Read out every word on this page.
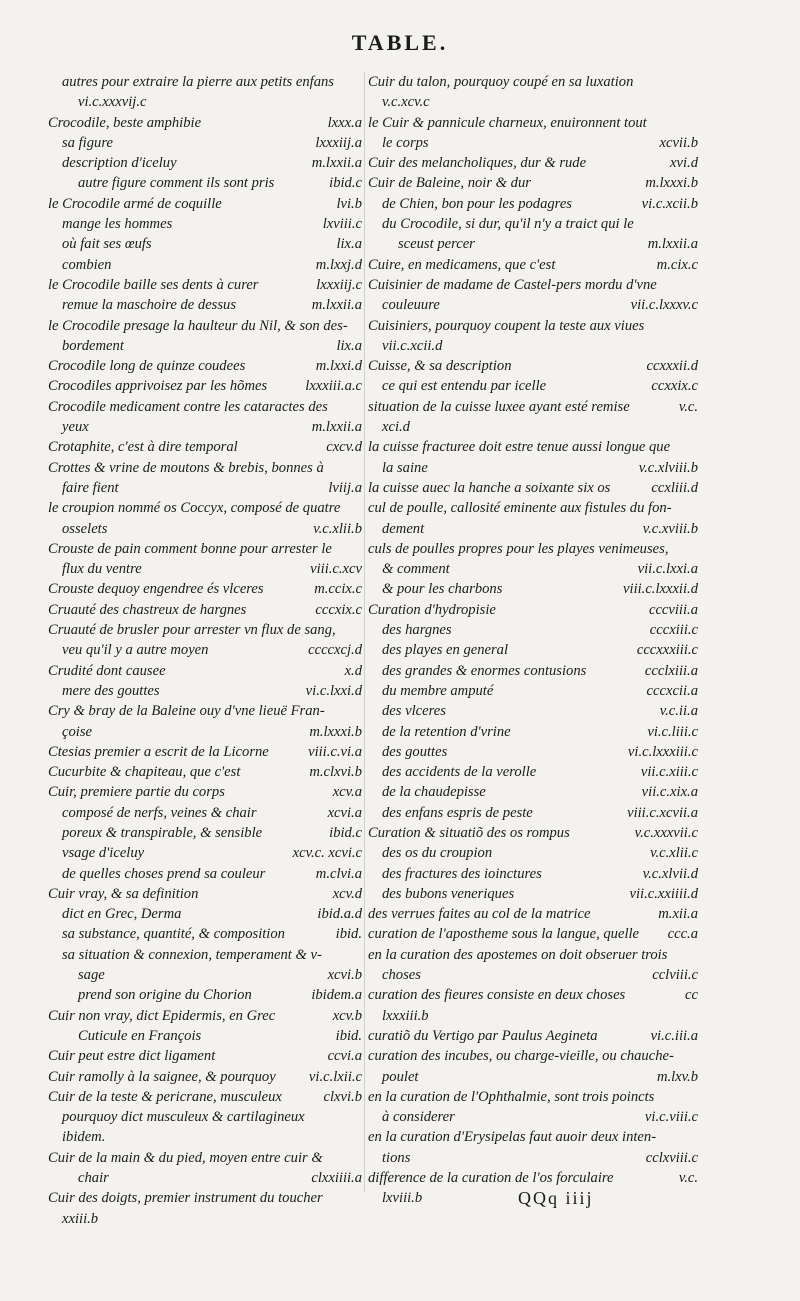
TABLE.
autres pour extraire la pierre aux petits enfans
vi.c.xxxvij.c
Crocodile, beste amphibie	lxxx.a
sa figure	lxxxiij.a
description d'iceluy	m.lxxii.a
autre figure comment ils sont pris	ibid.c
le Crocodile armé de coquille	lvi.b
mange les hommes	lxviii.c
où fait ses œufs	lix.a
combien	m.lxxj.d
le Crocodile baille ses dents à curer	lxxxiij.c
remue la maschoire de dessus	m.lxxii.a
le Crocodile presage la haulteur du Nil, & son des-
bordement	lix.a
Crocodile long de quinze coudees	m.lxxi.d
Crocodiles apprivoisez par les hõmes	lxxxiii.a.c
Crocodile medicament contre les cataractes des
yeux	m.lxxii.a
Crotaphite, c'est à dire temporal	cxcv.d
Crottes & vrine de moutons & brebis, bonnes à
faire fient	lviij.a
le croupion nommé os Coccyx, composé de quatre
osselets	v.c.xlii.b
Crouste de pain comment bonne pour arrester le
flux du ventre	viii.c.xcv
Crouste dequoy engendree és vlceres	m.ccix.c
Cruauté des chastreux de hargnes	cccxix.c
Cruauté de brusler pour arrester vn flux de sang,
veu qu'il y a autre moyen	ccccxcj.d
Crudité dont causee	x.d
mere des gouttes	vi.c.lxxi.d
Cry & bray de la Baleine ouy d'vne lieuë Fran-
çoise	m.lxxxi.b
Ctesias premier a escrit de la Licorne	viii.c.vi.a
Cucurbite & chapiteau, que c'est	m.clxvi.b
Cuir, premiere partie du corps	xcv.a
composé de nerfs, veines & chair	xcvi.a
poreux & transpirable, & sensible	ibid.c
vsage d'iceluy	xcv.c. xcvi.c
de quelles choses prend sa couleur	m.clvi.a
Cuir vray, & sa definition	xcv.d
dict en Grec, Derma	ibid.a.d
sa substance, quantité, & composition	ibid.
sa situation & connexion, temperament & v-
sage	xcvi.b
prend son origine du Chorion	ibidem.a
Cuir non vray, dict Epidermis, en Grec	xcv.b
Cuticule en François	ibid.
Cuir peut estre dict ligament	ccvi.a
Cuir ramolly à la saignee, & pourquoy vi.c.lxii.c
Cuir de la teste & pericrane, musculeux	clxvi.b
pourquoy dict musculeux & cartilagineux
ibidem.
Cuir de la main & du pied, moyen entre cuir &
chair	clxxiiii.a
Cuir des doigts, premier instrument du toucher
xxiii.b
Cuir du talon, pourquoy coupé en sa luxation
v.c.xcv.c
le Cuir & pannicule charneux, enuironnent tout
le corps	xcvii.b
Cuir des melancholiques, dur & rude	xvi.d
Cuir de Baleine, noir & dur	m.lxxxi.b
de Chien, bon pour les podagres	vi.c.xcii.b
du Crocodile, si dur, qu'il n'y a traict qui le
sceust percer	m.lxxii.a
Cuire, en medicamens, que c'est	m.cix.c
Cuisinier de madame de Castel-pers mordu d'vne
couleuure	vii.c.lxxxv.c
Cuisiniers, pourquoy coupent la teste aux viues
vii.c.xcii.d
Cuisse, & sa description	ccxxxii.d
ce qui est entendu par icelle	ccxxix.c
situation de la cuisse luxee ayant esté remise	v.c.
xci.d
la cuisse fracturee doit estre tenue aussi longue que
la saine	v.c.xlviii.b
la cuisse auec la hanche a soixante six os	ccxliii.d
cul de poulle, callosité eminente aux fistules du fon-
dement	v.c.xviii.b
culs de poulles propres pour les playes venimeuses,
& comment	vii.c.lxxi.a
& pour les charbons	viii.c.lxxxii.d
Curation d'hydropisie	cccviii.a
des hargnes	cccxiii.c
des playes en general	cccxxxiii.c
des grandes & enormes contusions	ccclxiii.a
du membre amputé	cccxcii.a
des vlceres	v.c.ii.a
de la retention d'vrine	vi.c.liii.c
des gouttes	vi.c.lxxxiii.c
des accidents de la verolle	vii.c.xiii.c
de la chaudepisse	vii.c.xix.a
des enfans espris de peste	viii.c.xcvii.a
Curation & situatiõ des os rompus	v.c.xxxvii.c
des os du croupion	v.c.xlii.c
des fractures des ioinctures	v.c.xlvii.d
des bubons veneriques	vii.c.xxiiii.d
des verrues faites au col de la matrice	m.xii.a
curation de l'apostheme sous la langue, quelle ccc.a
en la curation des apostemes on doit obseruer trois
choses	cclviii.c
curation des fieures consiste en deux choses	cc
lxxxiii.b
curatiõ du Vertigo par Paulus Aegineta	vi.c.iii.a
curation des incubes, ou charge-vieille, ou chauche-
poulet	m.lxv.b
en la curation de l'Ophthalmie, sont trois poincts
à considerer	vi.c.viii.c
en la curation d'Erysipelas faut auoir deux inten-
tions	cclxviii.c
difference de la curation de l'os forculaire	v.c.
lxviii.b	QQq iiij
